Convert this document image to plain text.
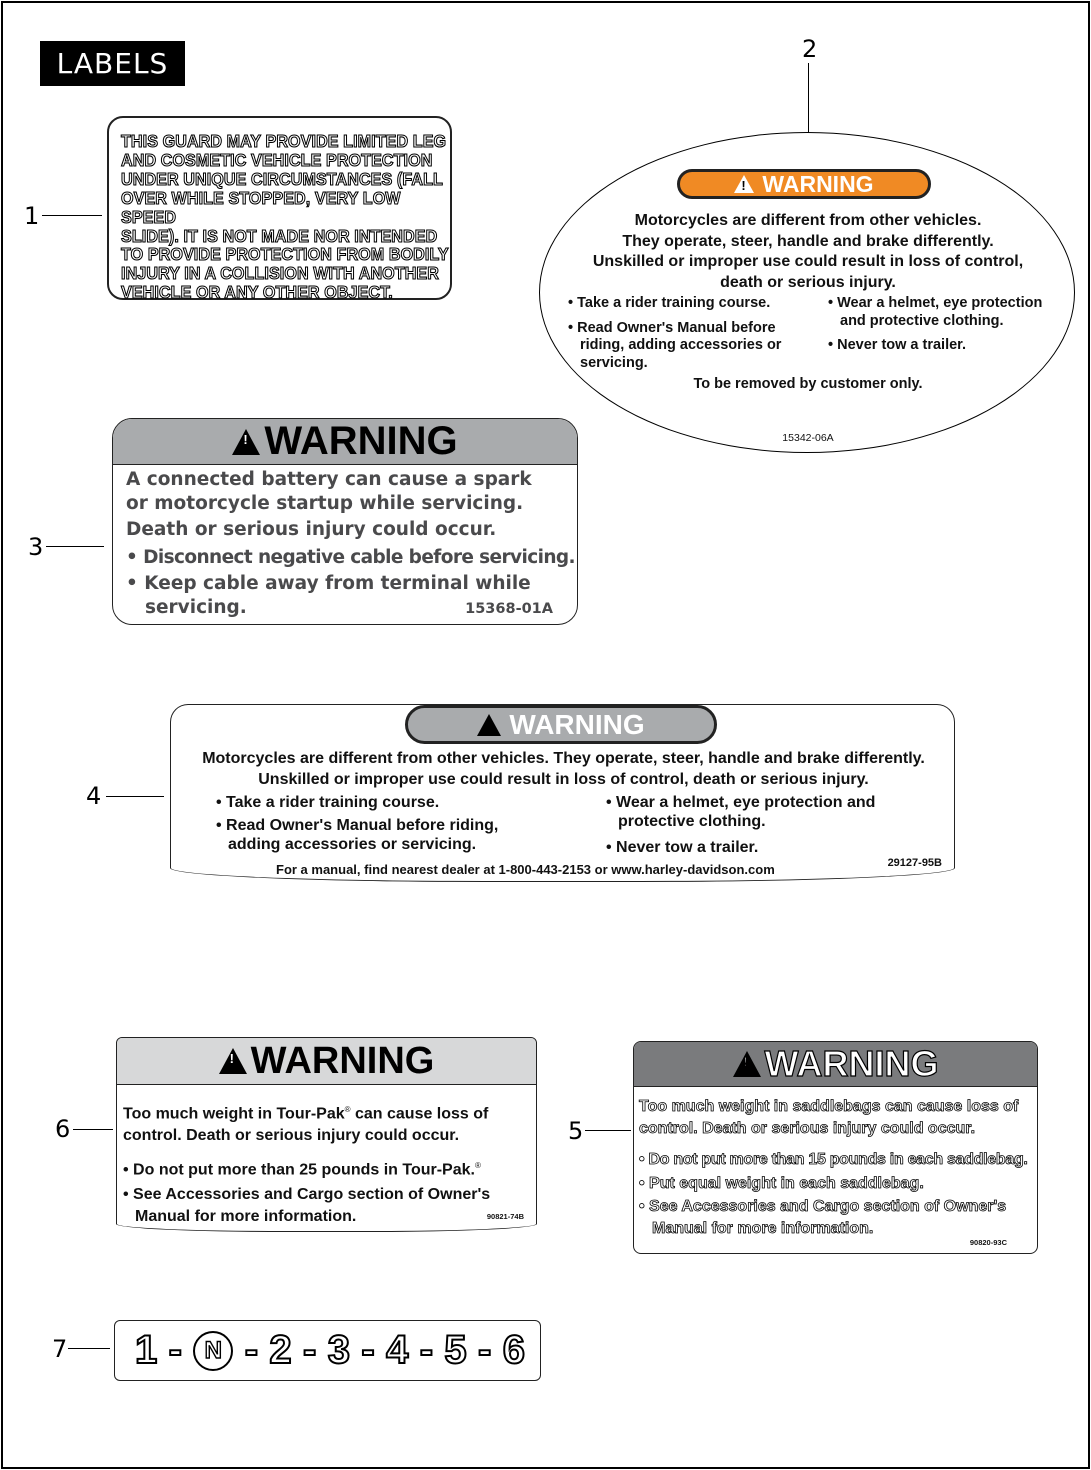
LABELS
1
2
3
4
5
6
7
THIS GUARD MAY PROVIDE LIMITED LEG
AND COSMETIC VEHICLE PROTECTION
UNDER UNIQUE CIRCUMSTANCES (FALL
OVER WHILE STOPPED, VERY LOW SPEED
SLIDE). IT IS NOT MADE NOR INTENDED
TO PROVIDE PROTECTION FROM BODILY
INJURY IN A COLLISION WITH ANOTHER
VEHICLE OR ANY OTHER OBJECT.
!
WARNING
Motorcycles are different from other vehicles.
They operate, steer, handle and brake differently.
Unskilled or improper use could result in loss of control,
death or serious injury.
• Take a rider training course.
• Read Owner's Manual before riding, adding accessories or servicing.
• Wear a helmet, eye protection and protective clothing.
• Never tow a trailer.
To be removed by customer only.
15342-06A
!
WARNING
A connected battery can cause a spark
or motorcycle startup while servicing.
Death or serious injury could occur.
• Disconnect negative cable before servicing.
• Keep cable away from terminal while
servicing.	15368-01A
!
WARNING
Motorcycles are different from other vehicles. They operate, steer, handle and brake differently.
Unskilled or improper use could result in loss of control, death or serious injury.
• Take a rider training course.
• Read Owner's Manual before riding, adding accessories or servicing.
• Wear a helmet, eye protection and protective clothing.
• Never tow a trailer.
For a manual, find nearest dealer at 1-800-443-2153 or www.harley-davidson.com	29127-95B
!
WARNING
Too much weight in Tour-Pak® can cause loss of
control. Death or serious injury could occur.
• Do not put more than 25 pounds in Tour-Pak.®
• See Accessories and Cargo section of Owner's
Manual for more information.	90821-74B
!
WARNING
Too much weight in saddlebags can cause loss of
control. Death or serious injury could occur.
• Do not put more than 15 pounds in each saddlebag.
• Put equal weight in each saddlebag.
• See Accessories and Cargo section of Owner's
Manual for more information.
90820-93C
1 - N - 2 - 3 - 4 - 5 - 6
